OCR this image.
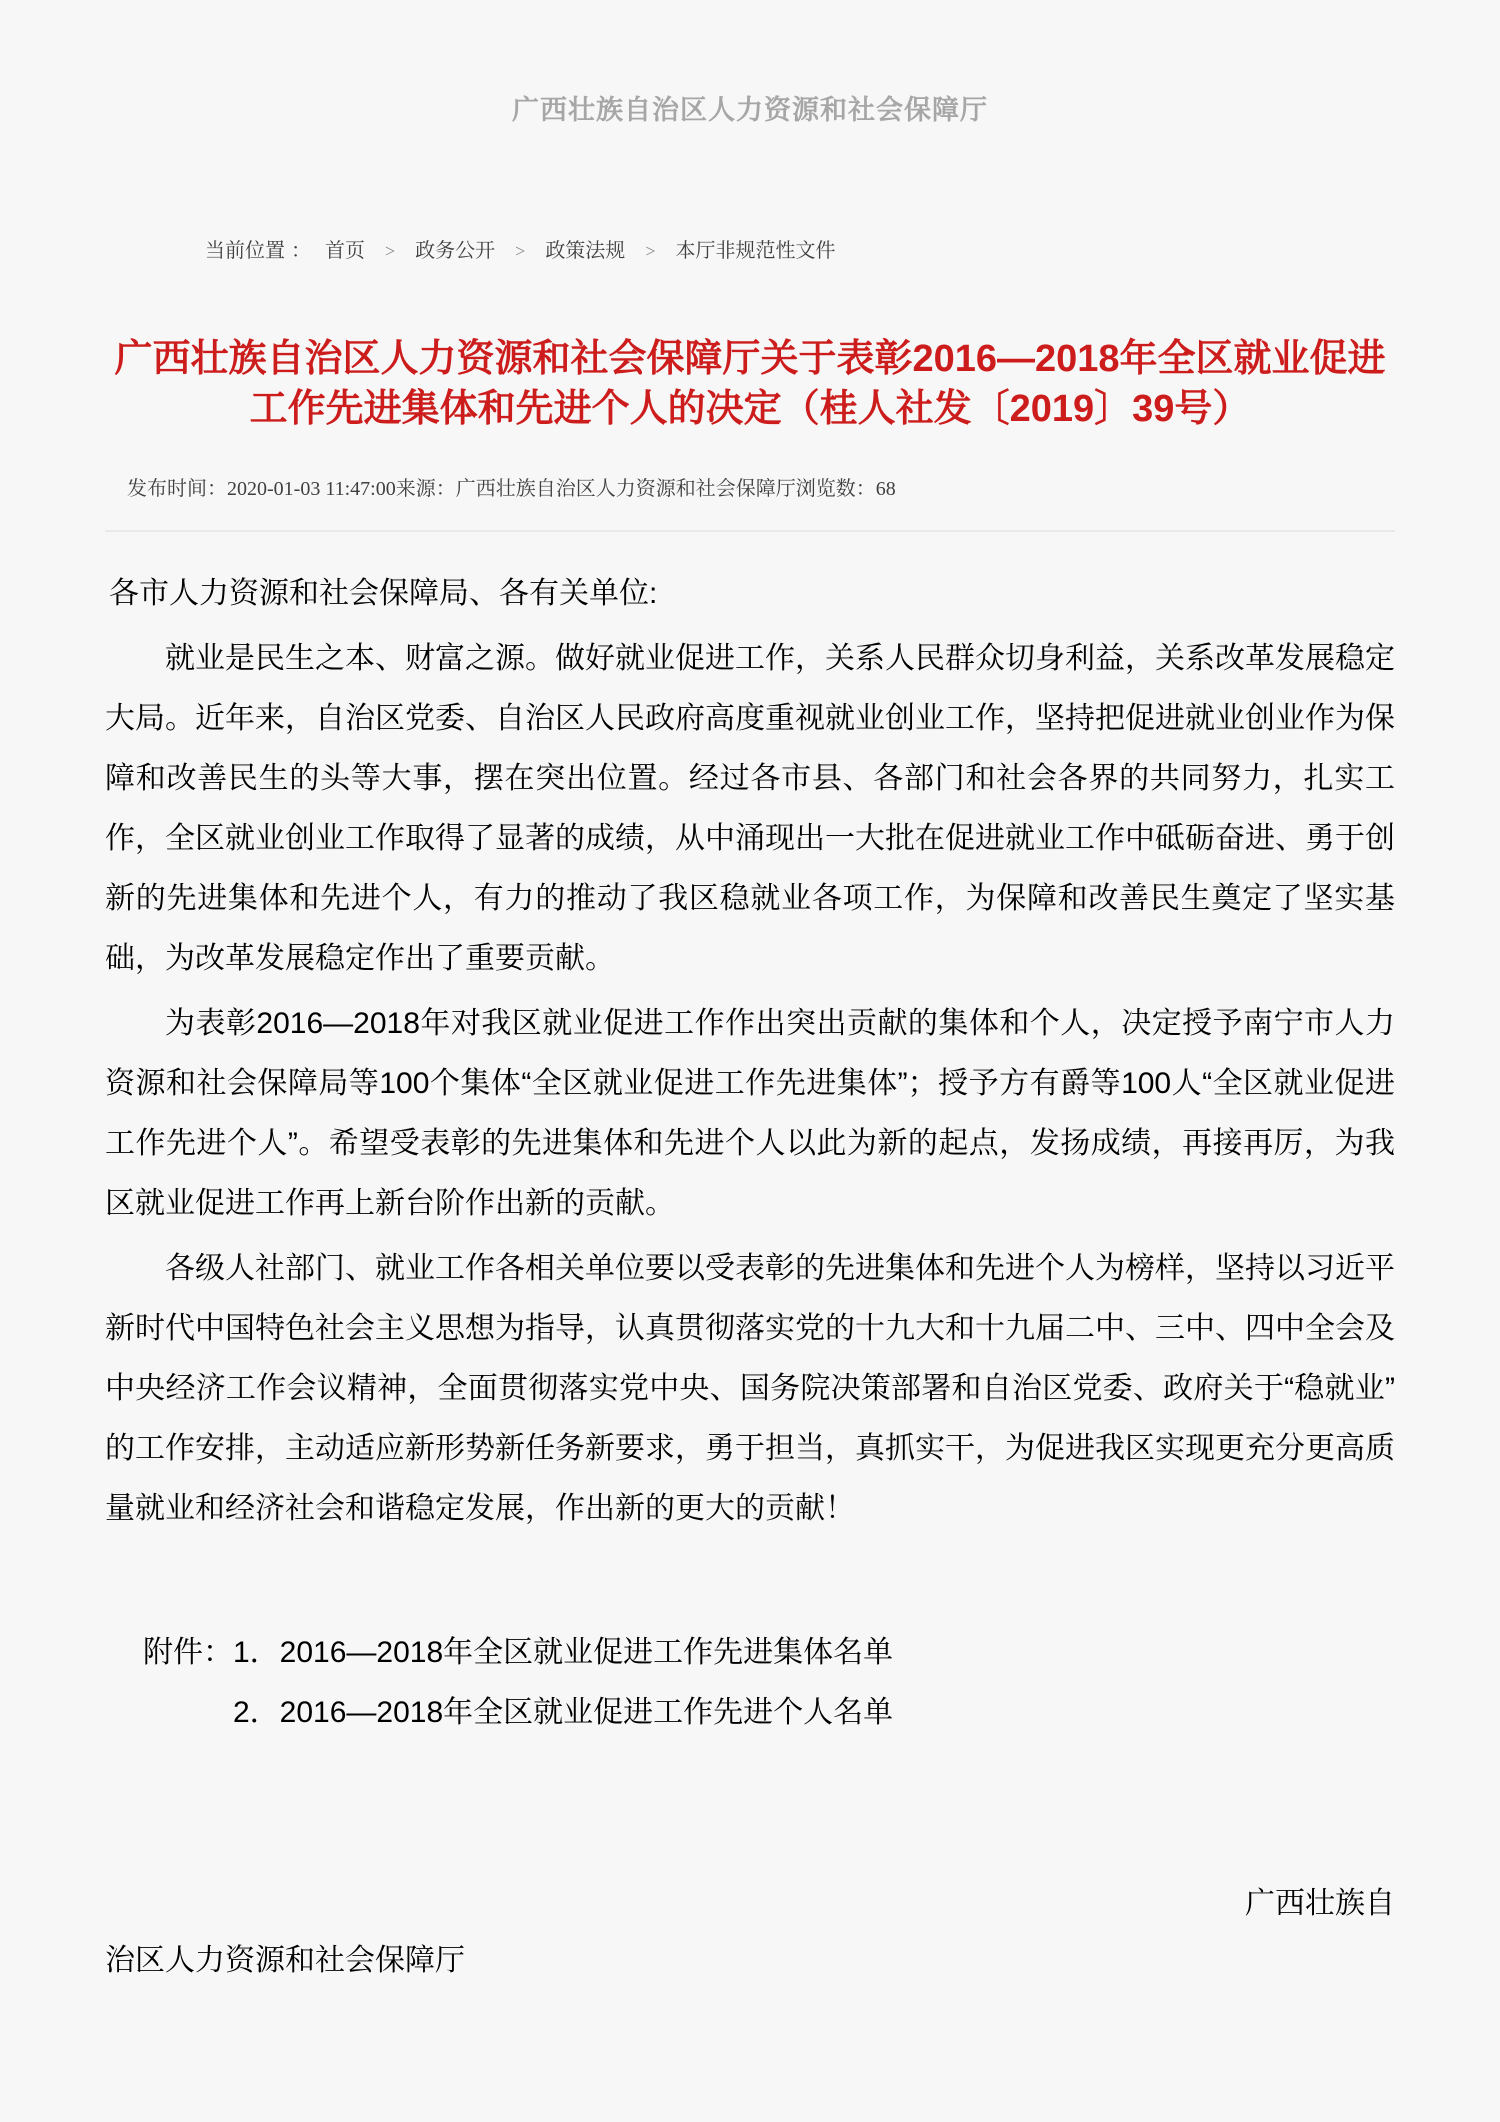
广西壮族自治区人力资源和社会保障厅
当前位置 ： 首页 > 政务公开 > 政策法规 > 本厅非规范性文件
广西壮族自治区人力资源和社会保障厅关于表彰2016—2018年全区就业促进工作先进集体和先进个人的决定（桂人社发〔2019〕39号）
发布时间：2020-01-03 11:47:00来源：广西壮族自治区人力资源和社会保障厅浏览数：68

各市人力资源和社会保障局、各有关单位:

就业是民生之本、财富之源。做好就业促进工作，关系人民群众切身利益，关系改革发展稳定大局。近年来，自治区党委、自治区人民政府高度重视就业创业工作，坚持把促进就业创业作为保障和改善民生的头等大事，摆在突出位置。经过各市县、各部门和社会各界的共同努力，扎实工作，全区就业创业工作取得了显著的成绩，从中涌现出一大批在促进就业工作中砥砺奋进、勇于创新的先进集体和先进个人，有力的推动了我区稳就业各项工作，为保障和改善民生奠定了坚实基础，为改革发展稳定作出了重要贡献。

为表彰2016—2018年对我区就业促进工作作出突出贡献的集体和个人，决定授予南宁市人力资源和社会保障局等100个集体“全区就业促进工作先进集体”；授予方有爵等100人“全区就业促进工作先进个人”。希望受表彰的先进集体和先进个人以此为新的起点，发扬成绩，再接再厉，为我区就业促进工作再上新台阶作出新的贡献。

各级人社部门、就业工作各相关单位要以受表彰的先进集体和先进个人为榜样，坚持以习近平新时代中国特色社会主义思想为指导，认真贯彻落实党的十九大和十九届二中、三中、四中全会及中央经济工作会议精神，全面贯彻落实党中央、国务院决策部署和自治区党委、政府关于“稳就业”的工作安排，主动适应新形势新任务新要求，勇于担当，真抓实干，为促进我区实现更充分更高质量就业和经济社会和谐稳定发展，作出新的更大的贡献！

附件：1．2016—2018年全区就业促进工作先进集体名单
2．2016—2018年全区就业促进工作先进个人名单
广西壮族自
治区人力资源和社会保障厅
